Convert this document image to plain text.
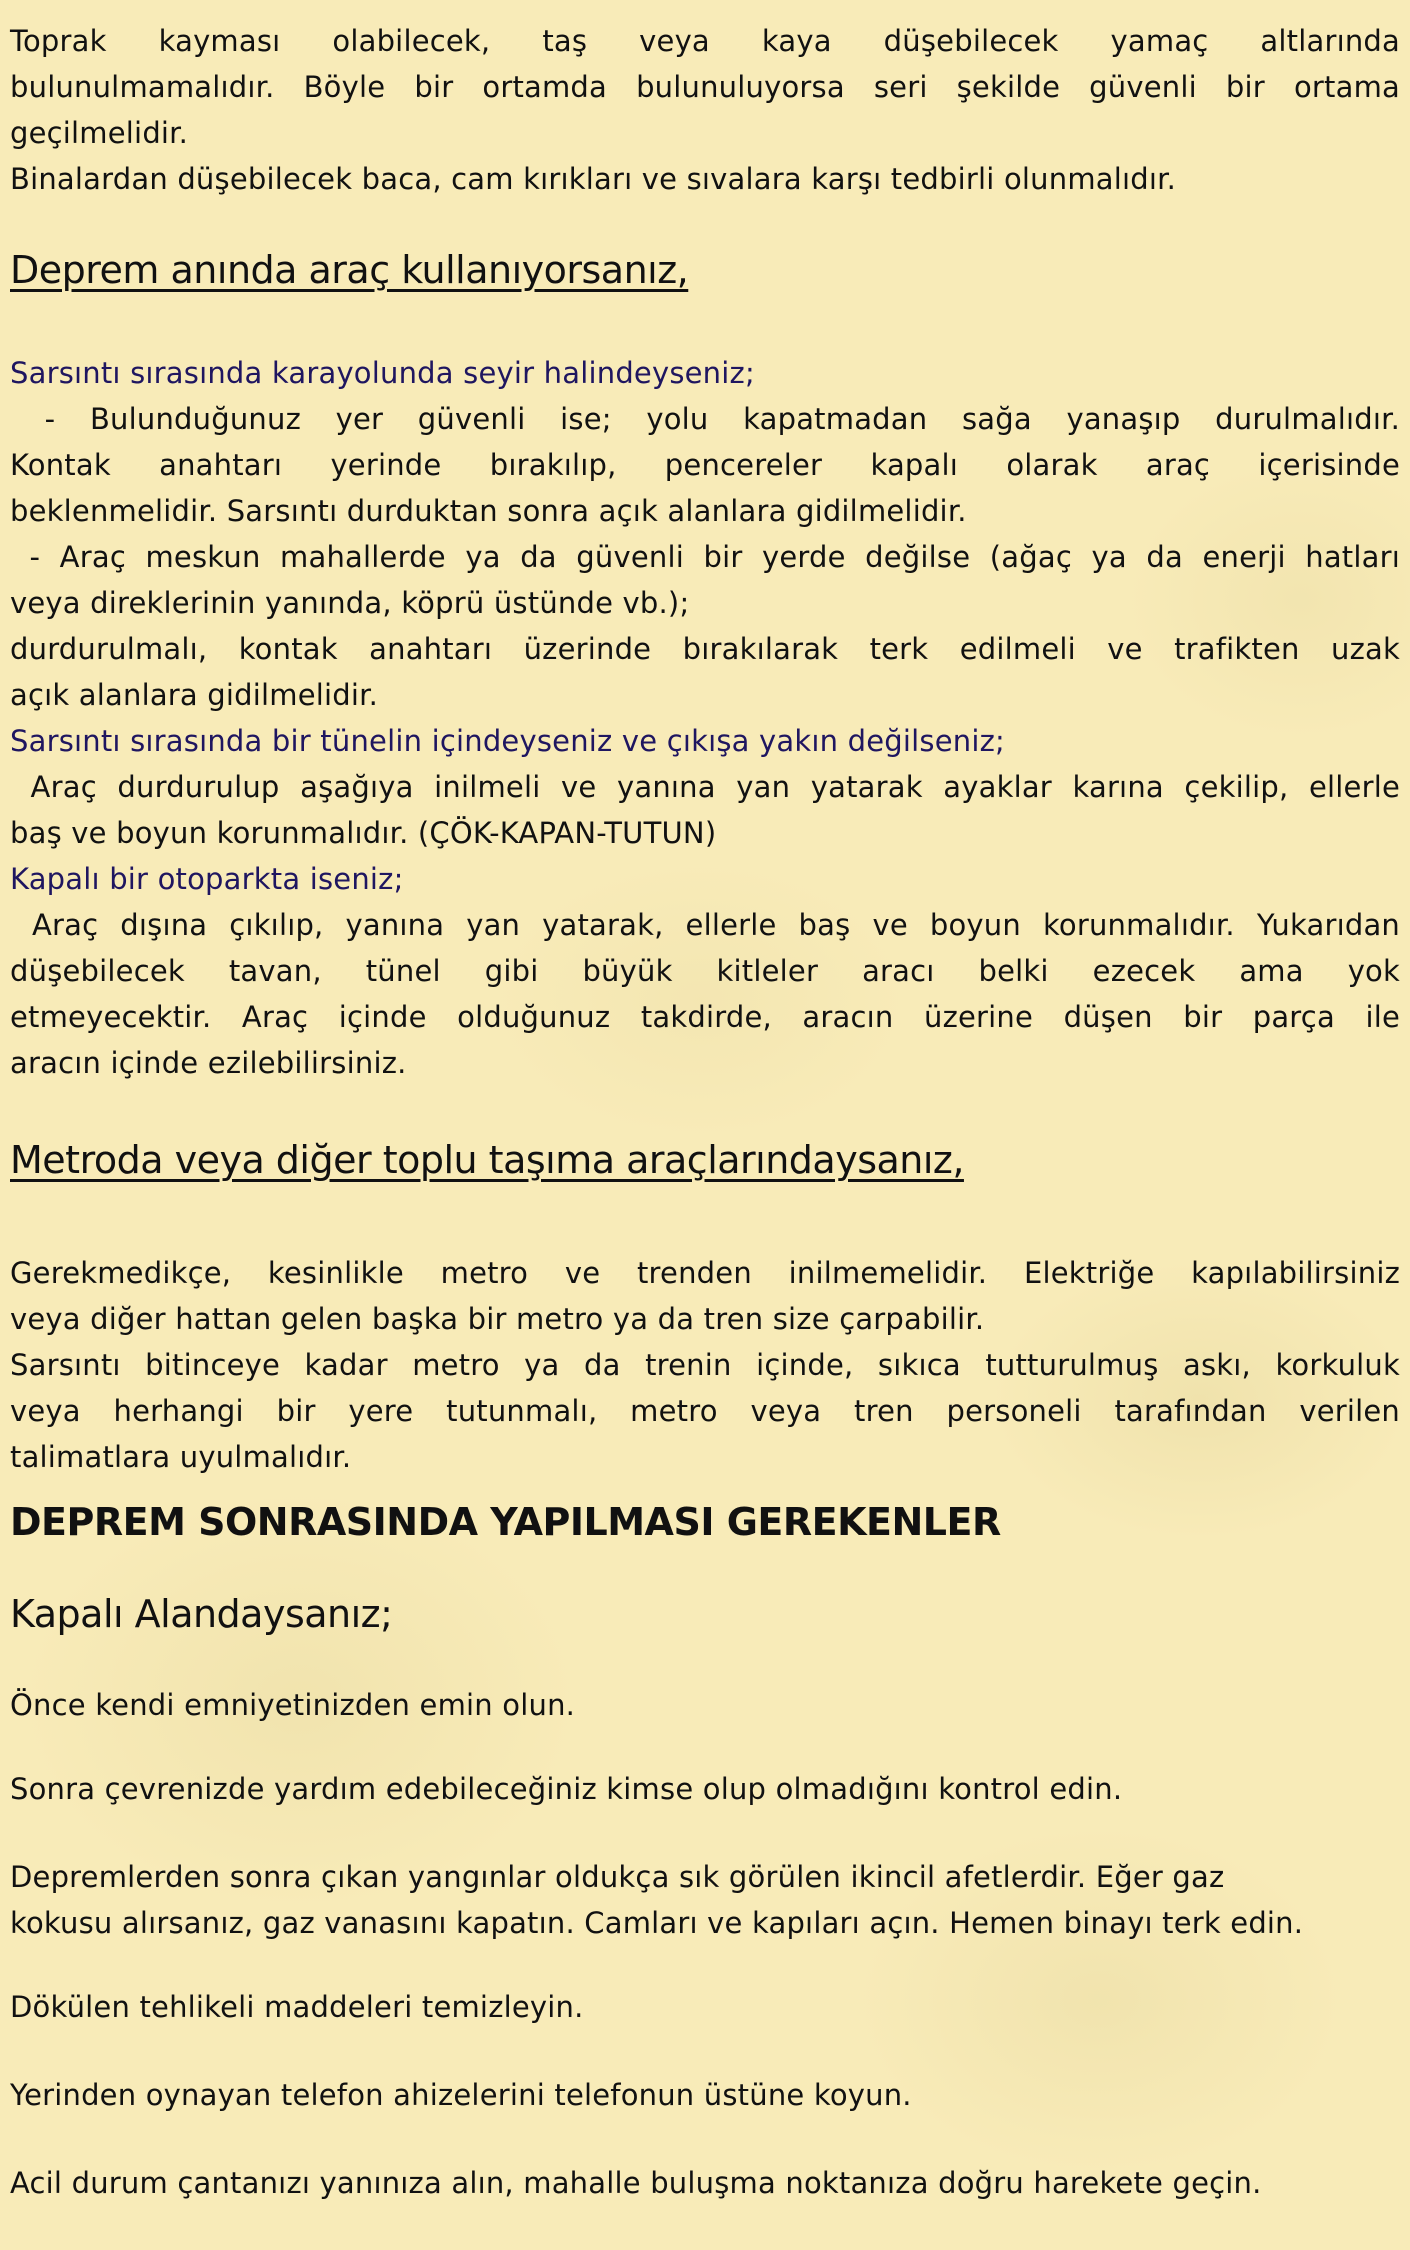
Toprak kayması olabilecek, taş veya kaya düşebilecek yamaç altlarında
bulunulmamalıdır. Böyle bir ortamda bulunuluyorsa seri şekilde güvenli bir ortama
geçilmelidir.
Binalardan düşebilecek baca, cam kırıkları ve sıvalara karşı tedbirli olunmalıdır.
Deprem anında araç kullanıyorsanız,
Sarsıntı sırasında karayolunda seyir halindeyseniz;
- Bulunduğunuz yer güvenli ise; yolu kapatmadan sağa yanaşıp durulmalıdır.
Kontak anahtarı yerinde bırakılıp, pencereler kapalı olarak araç içerisinde
beklenmelidir. Sarsıntı durduktan sonra açık alanlara gidilmelidir.
- Araç meskun mahallerde ya da güvenli bir yerde değilse (ağaç ya da enerji hatları
veya direklerinin yanında, köprü üstünde vb.);
durdurulmalı, kontak anahtarı üzerinde bırakılarak terk edilmeli ve trafikten uzak
açık alanlara gidilmelidir.
Sarsıntı sırasında bir tünelin içindeyseniz ve çıkışa yakın değilseniz;
Araç durdurulup aşağıya inilmeli ve yanına yan yatarak ayaklar karına çekilip, ellerle
baş ve boyun korunmalıdır. (ÇÖK-KAPAN-TUTUN)
Kapalı bir otoparkta iseniz;
Araç dışına çıkılıp, yanına yan yatarak, ellerle baş ve boyun korunmalıdır. Yukarıdan
düşebilecek tavan, tünel gibi büyük kitleler aracı belki ezecek ama yok
etmeyecektir. Araç içinde olduğunuz takdirde, aracın üzerine düşen bir parça ile
aracın içinde ezilebilirsiniz.
Metroda veya diğer toplu taşıma araçlarındaysanız,
Gerekmedikçe, kesinlikle metro ve trenden inilmemelidir. Elektriğe kapılabilirsiniz
veya diğer hattan gelen başka bir metro ya da tren size çarpabilir.
Sarsıntı bitinceye kadar metro ya da trenin içinde, sıkıca tutturulmuş askı, korkuluk
veya herhangi bir yere tutunmalı, metro veya tren personeli tarafından verilen
talimatlara uyulmalıdır.
DEPREM SONRASINDA YAPILMASI GEREKENLER
Kapalı Alandaysanız;
Önce kendi emniyetinizden emin olun.
Sonra çevrenizde yardım edebileceğiniz kimse olup olmadığını kontrol edin.
Depremlerden sonra çıkan yangınlar oldukça sık görülen ikincil afetlerdir. Eğer gaz
kokusu alırsanız, gaz vanasını kapatın. Camları ve kapıları açın. Hemen binayı terk edin.
Dökülen tehlikeli maddeleri temizleyin.
Yerinden oynayan telefon ahizelerini telefonun üstüne koyun.
Acil durum çantanızı yanınıza alın, mahalle buluşma noktanıza doğru harekete geçin.
